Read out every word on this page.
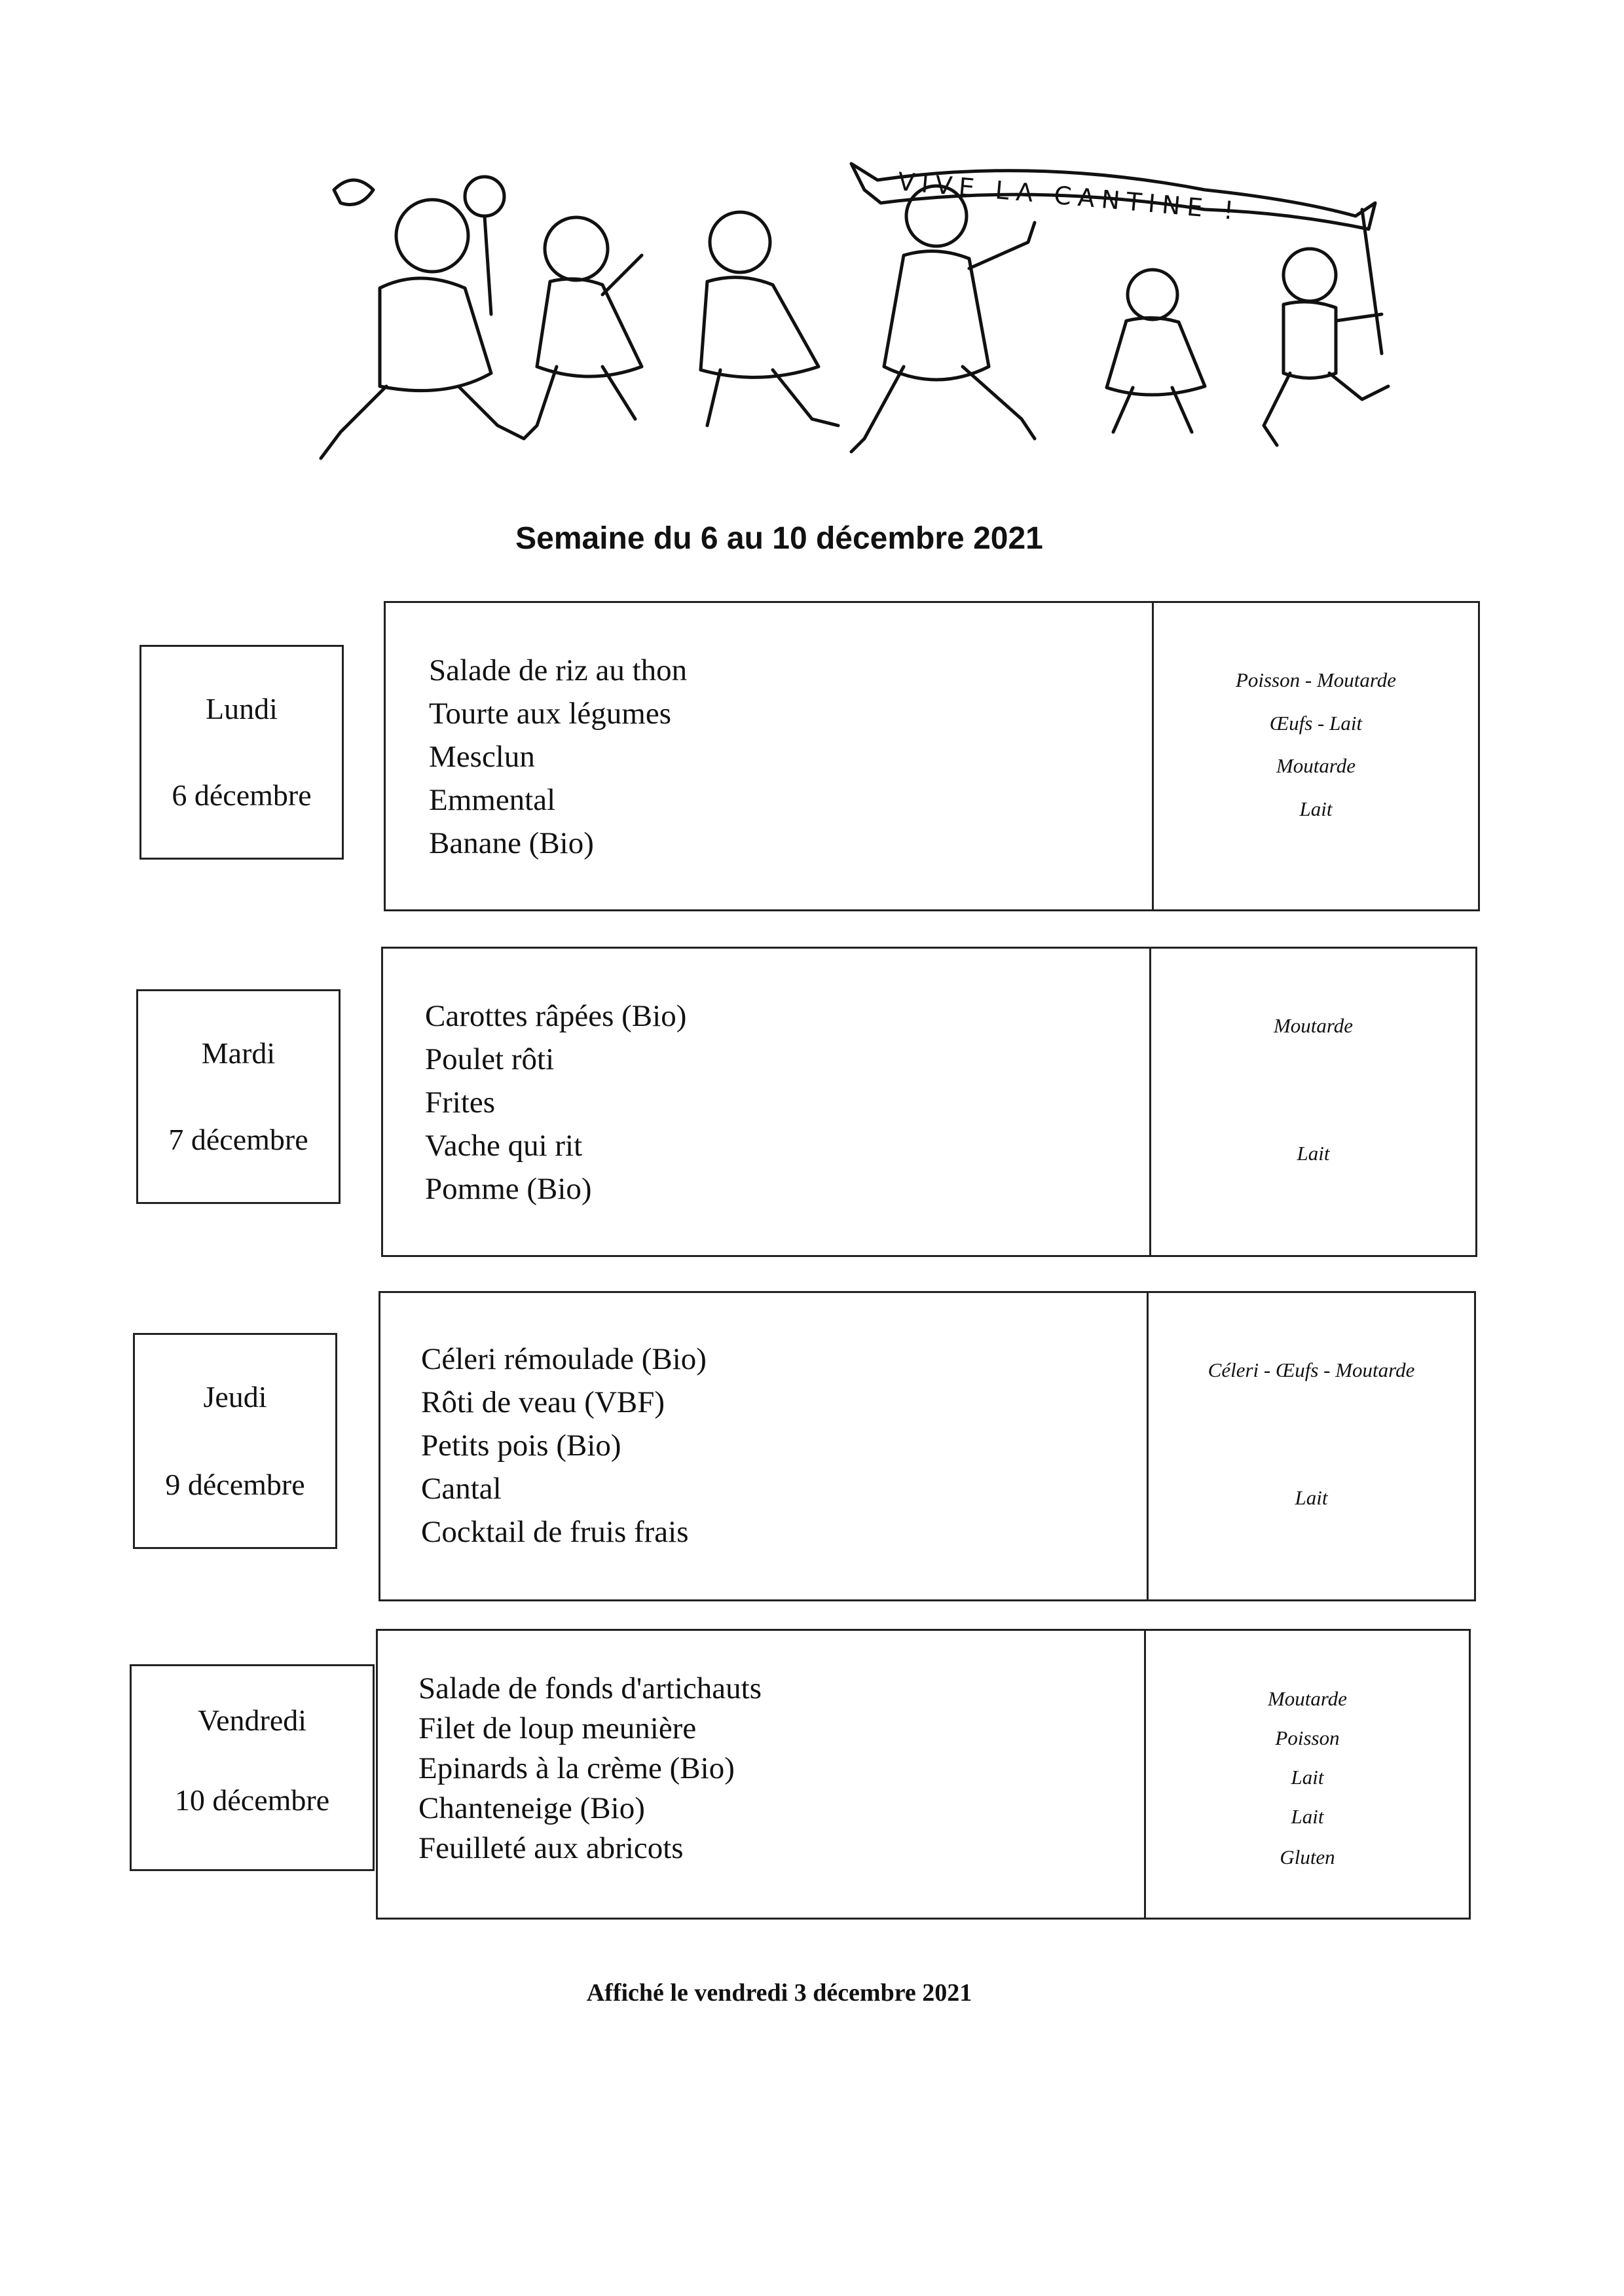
VIVE LA CANTINE !
Semaine du 6 au 10 décembre 2021
Lundi
6 décembre
Salade de riz au thon
Tourte aux légumes
Mesclun
Emmental
Banane (Bio)
Poisson - Moutarde
Œufs - Lait
Moutarde
Lait
Mardi
7 décembre
Carottes râpées (Bio)
Poulet rôti
Frites
Vache qui rit
Pomme (Bio)
Moutarde
Lait
Jeudi
9 décembre
Céleri rémoulade (Bio)
Rôti de veau (VBF)
Petits pois (Bio)
Cantal
Cocktail de fruis frais
Céleri - Œufs - Moutarde
Lait
Vendredi
10 décembre
Salade de fonds d'artichauts
Filet de loup meunière
Epinards à la crème (Bio)
Chanteneige (Bio)
Feuilleté aux abricots
Moutarde
Poisson
Lait
Lait
Gluten
Affiché le vendredi 3 décembre 2021
